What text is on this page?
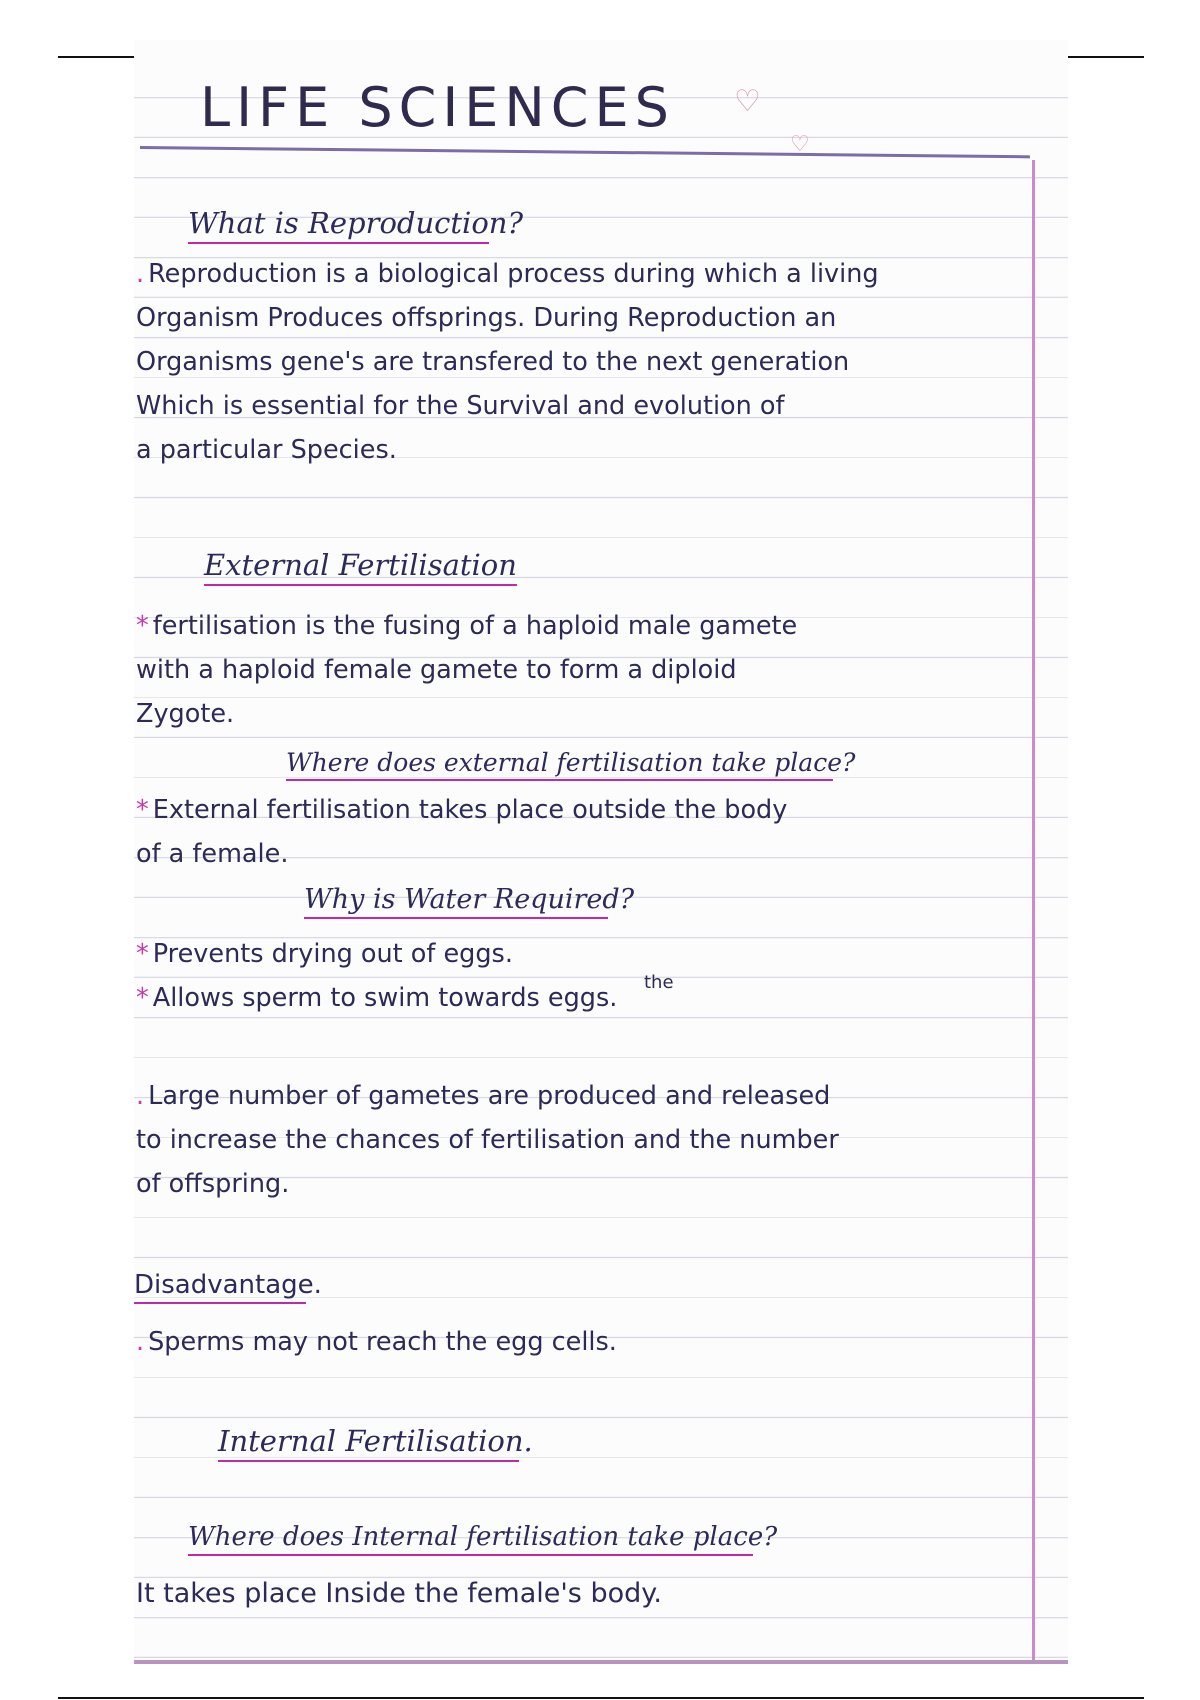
LIFE SCIENCES ♡
♡
What is Reproduction?
. Reproduction is a biological process during which a living
Organism Produces offsprings. During Reproduction an
Organisms gene's are transfered to the next generation
Which is essential for the Survival and evolution of
a particular Species.
External Fertilisation
* fertilisation is the fusing of a haploid male gamete
with a haploid female gamete to form a diploid
Zygote.
Where does external fertilisation take place?
* External fertilisation takes place outside the body
of a female.
Why is Water Required?
* Prevents drying out of eggs.
* Allows sperm to swim towards eggs.
the
. Large number of gametes are produced and released
to increase the chances of fertilisation and the number
of offspring.
Disadvantage.
. Sperms may not reach the egg cells.
Internal Fertilisation.
Where does Internal fertilisation take place?
It takes place Inside the female's body.
